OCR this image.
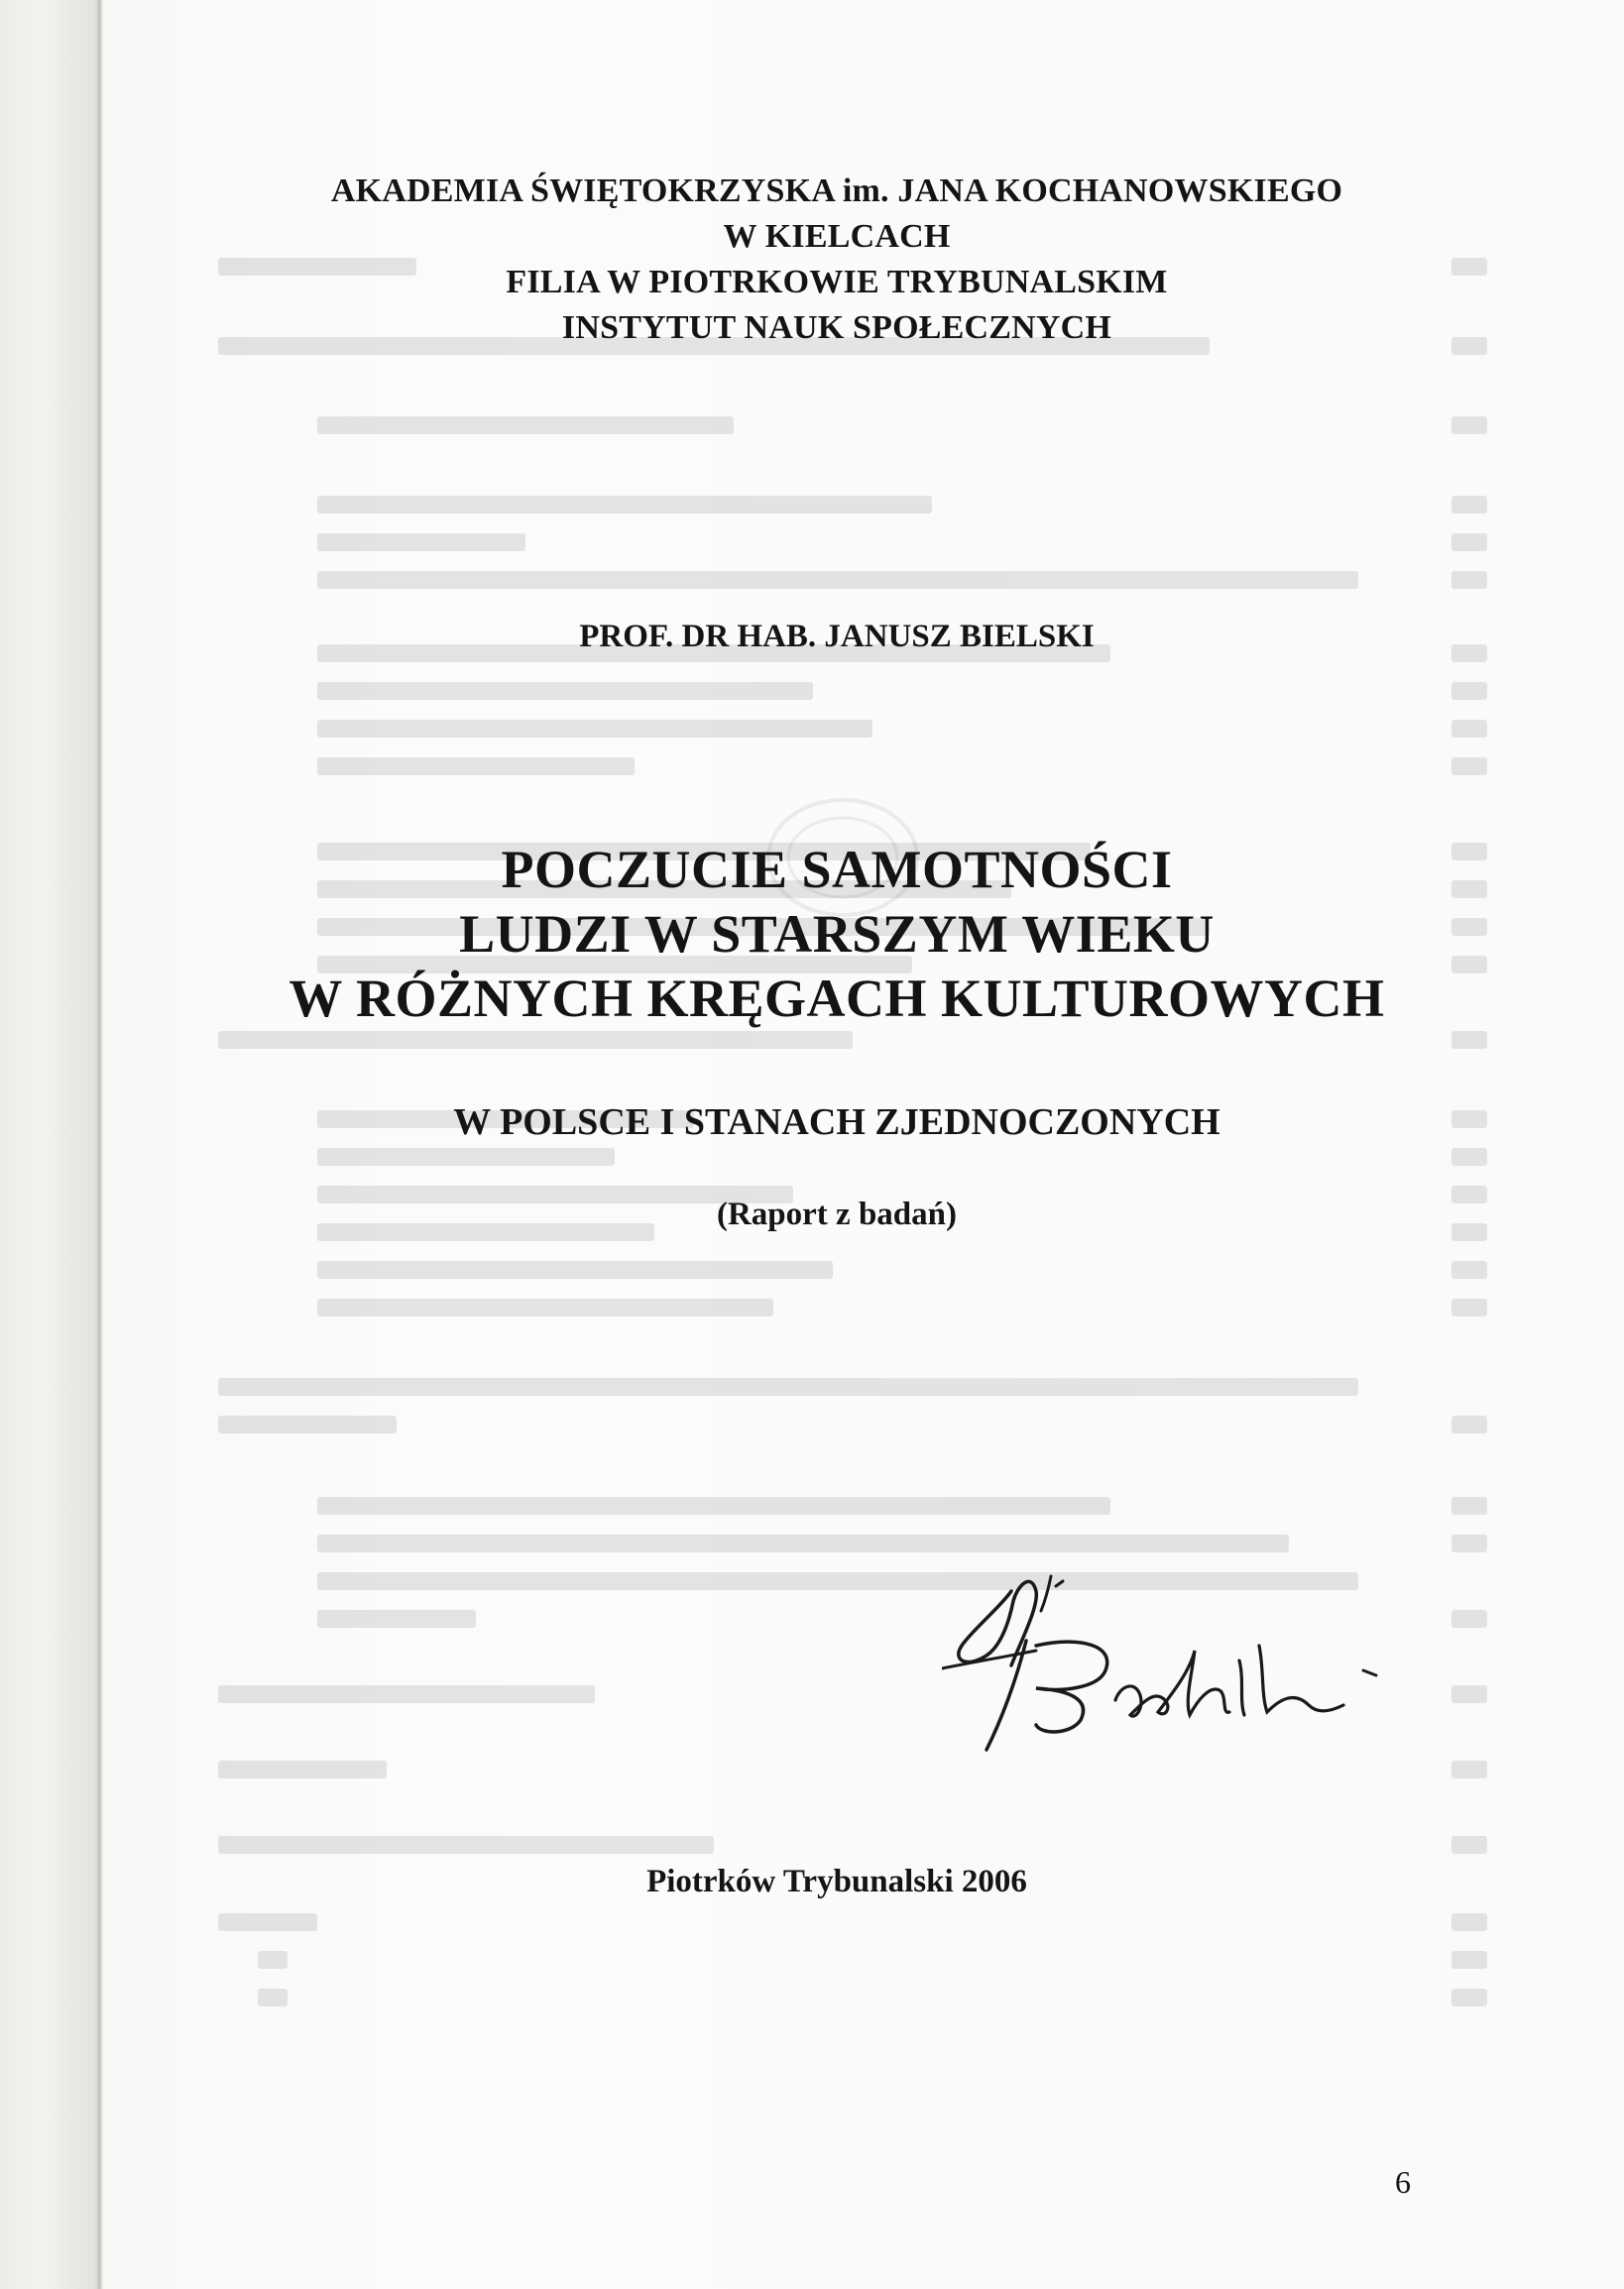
AKADEMIA ŚWIĘTOKRZYSKA im. JANA KOCHANOWSKIEGO
W KIELCACH
FILIA W PIOTRKOWIE TRYBUNALSKIM
INSTYTUT NAUK SPOŁECZNYCH
PROF. DR HAB. JANUSZ BIELSKI
POCZUCIE SAMOTNOŚCI
LUDZI W STARSZYM WIEKU
W RÓŻNYCH KRĘGACH KULTUROWYCH
W POLSCE I STANACH ZJEDNOCZONYCH
(Raport z badań)
Piotrków Trybunalski 2006
6
